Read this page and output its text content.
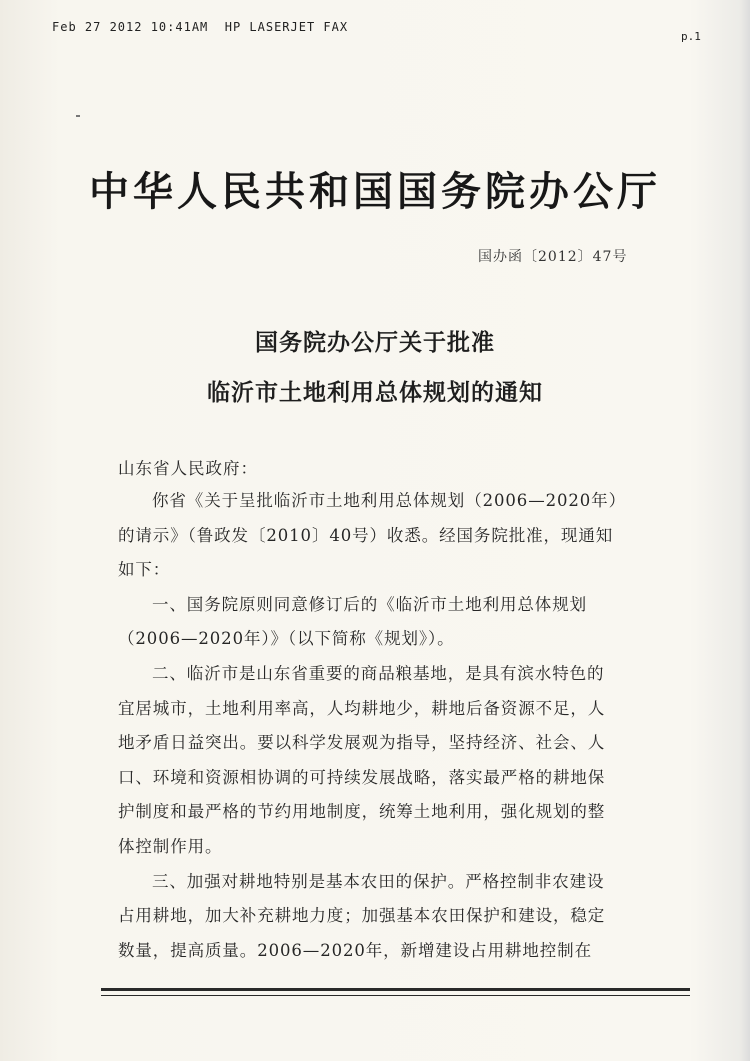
Feb 27 2012 10:41AM HP LASERJET FAX
p.1
中华人民共和国国务院办公厅
国办函〔2012〕47号
国务院办公厅关于批准
临沂市土地利用总体规划的通知
山东省人民政府：
你省《关于呈批临沂市土地利用总体规划（2006—2020年）
的请示》（鲁政发〔2010〕40号）收悉。经国务院批准，现通知
如下：
一、国务院原则同意修订后的《临沂市土地利用总体规划
（2006—2020年）》（以下简称《规划》）。
二、临沂市是山东省重要的商品粮基地，是具有滨水特色的
宜居城市，土地利用率高，人均耕地少，耕地后备资源不足，人
地矛盾日益突出。要以科学发展观为指导，坚持经济、社会、人
口、环境和资源相协调的可持续发展战略，落实最严格的耕地保
护制度和最严格的节约用地制度，统筹土地利用，强化规划的整
体控制作用。
三、加强对耕地特别是基本农田的保护。严格控制非农建设
占用耕地，加大补充耕地力度；加强基本农田保护和建设，稳定
数量，提高质量。2006—2020年，新增建设占用耕地控制在
